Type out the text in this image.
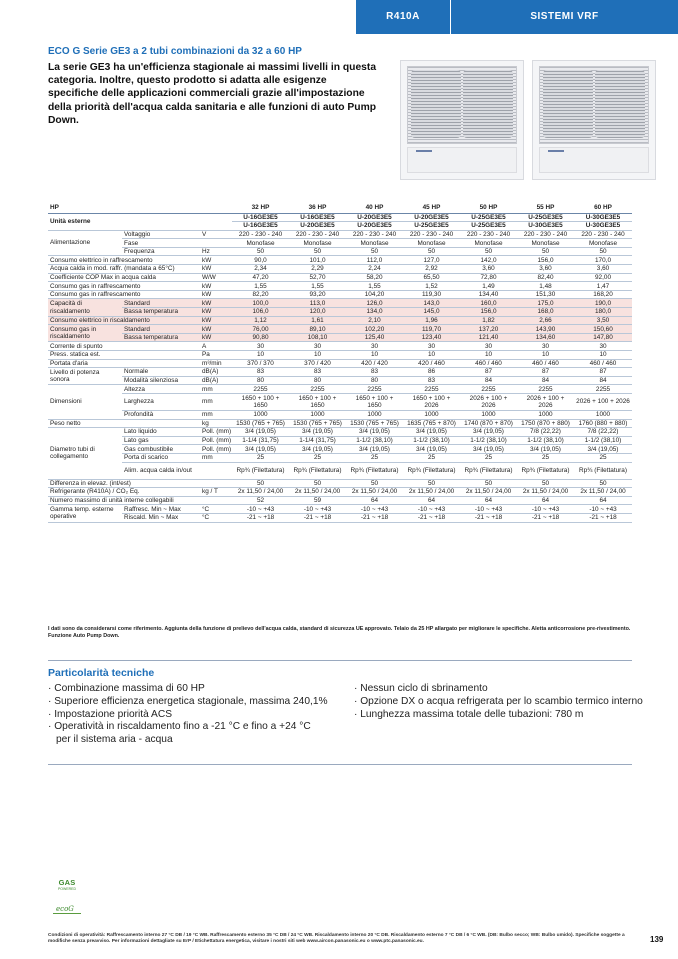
R410A	SISTEMI VRF
ECO G Serie GE3 a 2 tubi combinazioni da 32 a 60 HP
La serie GE3 ha un'efficienza stagionale ai massimi livelli in questa categoria. Inoltre, questo prodotto si adatta alle esigenze specifiche delle applicazioni commerciali grazie all'impostazione della priorità dell'acqua calda sanitaria e alle funzioni di auto Pump Down.
HP			32 HP	36 HP	40 HP	45 HP	50 HP	55 HP	60 HP
Unità esterne			U-16GE3E5	U-16GE3E5	U-20GE3E5	U-20GE3E5	U-25GE3E5	U-25GE3E5	U-30GE3E5
			U-16GE3E5	U-20GE3E5	U-20GE3E5	U-25GE3E5	U-25GE3E5	U-30GE3E5	U-30GE3E5
Alimentazione	Voltaggio	V	220 - 230 - 240	220 - 230 - 240	220 - 230 - 240	220 - 230 - 240	220 - 230 - 240	220 - 230 - 240	220 - 230 - 240
	Fase		Monofase	Monofase	Monofase	Monofase	Monofase	Monofase	Monofase
	Frequenza	Hz	50	50	50	50	50	50	50
Consumo elettrico in raffrescamento		kW	90,0	101,0	112,0	127,0	142,0	156,0	170,0
Acqua calda in mod. raffr. (mandata a 65°C)		kW	2,34	2,29	2,24	2,92	3,60	3,60	3,60
Coefficiente COP Max in acqua calda		W/W	47,20	52,70	58,20	65,50	72,80	82,40	92,00
Consumo gas in raffrescamento		kW	1,55	1,55	1,55	1,52	1,49	1,48	1,47
Consumo gas in raffrescamento		kW	82,20	93,20	104,20	119,30	134,40	151,30	168,20
Capacità di riscaldamento	Standard	kW	100,0	113,0	126,0	143,0	160,0	175,0	190,0
	Bassa temperatura	kW	106,0	120,0	134,0	145,0	156,0	168,0	180,0
Consumo elettrico in riscaldamento		kW	1,12	1,61	2,10	1,96	1,82	2,66	3,50
Consumo gas in riscaldamento	Standard	kW	76,00	89,10	102,20	119,70	137,20	143,90	150,60
	Bassa temperatura	kW	90,80	108,10	125,40	123,40	121,40	134,60	147,80
Corrente di spunto		A	30	30	30	30	30	30	30
Press. statica est.		Pa	10	10	10	10	10	10	10
Portata d'aria		m³/min	370 / 370	370 / 420	420 / 420	420 / 460	460 / 460	460 / 460	460 / 460
Livello di potenza sonora	Normale	dB(A)	83	83	83	86	87	87	87
	Modalità silenziosa	dB(A)	80	80	80	83	84	84	84
Dimensioni	Altezza	mm	2255	2255	2255	2255	2255	2255	2255
	Larghezza	mm	1650 + 100 + 1650	1650 + 100 + 1650	1650 + 100 + 1650	1650 + 100 + 2026	2026 + 100 + 2026	2026 + 100 + 2026	2026 + 100 + 2026
	Profondità	mm	1000	1000	1000	1000	1000	1000	1000
Peso netto		kg	1530 (765 + 765)	1530 (765 + 765)	1530 (765 + 765)	1635 (765 + 870)	1740 (870 + 870)	1750 (870 + 880)	1760 (880 + 880)
Diametro tubi di collegamento	Lato liquido	Poll. (mm)	3/4 (19,05)	3/4 (19,05)	3/4 (19,05)	3/4 (19,05)	3/4 (19,05)	7/8 (22,22)	7/8 (22,22)
	Lato gas	Poll. (mm)	1-1/4 (31,75)	1-1/4 (31,75)	1-1/2 (38,10)	1-1/2 (38,10)	1-1/2 (38,10)	1-1/2 (38,10)	1-1/2 (38,10)
	Gas combustibile	Poll. (mm)	3/4 (19,05)	3/4 (19,05)	3/4 (19,05)	3/4 (19,05)	3/4 (19,05)	3/4 (19,05)	3/4 (19,05)
	Porta di scarico	mm	25	25	25	25	25	25	25
	Alim. acqua calda in/out		Rp¾ (Filettatura)	Rp¾ (Filettatura)	Rp¾ (Filettatura)	Rp¾ (Filettatura)	Rp¾ (Filettatura)	Rp¾ (Filettatura)	Rp¾ (Filettatura)
Differenza in elevaz. (int/est)			50	50	50	50	50	50	50
Refrigerante (R410A) / CO₂ Eq.		kg / T	2x 11,50 / 24,00	2x 11,50 / 24,00	2x 11,50 / 24,00	2x 11,50 / 24,00	2x 11,50 / 24,00	2x 11,50 / 24,00	2x 11,50 / 24,00
Numero massimo di unità interne collegabili			52	59	64	64	64	64	64
Gamma temp. esterne operative	Raffresc. Min ~ Max	°C	-10 ~ +43	-10 ~ +43	-10 ~ +43	-10 ~ +43	-10 ~ +43	-10 ~ +43	-10 ~ +43
	Riscald. Min ~ Max	°C	-21 ~ +18	-21 ~ +18	-21 ~ +18	-21 ~ +18	-21 ~ +18	-21 ~ +18	-21 ~ +18
I dati sono da considerarsi come riferimento. Aggiunta della funzione di prelievo dell'acqua calda, standard di sicurezza UE approvato. Telaio da 25 HP allargato per migliorare le specifiche. Aletta anticorrosione pre-rivestimento. Funzione Auto Pump Down.
Particolarità tecniche
· Combinazione massima di 60 HP
· Superiore efficienza energetica stagionale, massima 240,1%
· Impostazione priorità ACS
· Operatività in riscaldamento fino a -21 °C e fino a +24 °C per il sistema aria - acqua
· Nessun ciclo di sbrinamento
· Opzione DX o acqua refrigerata per lo scambio termico interno
· Lunghezza massima totale delle tubazioni: 780 m
GAS
POWERED
ecoG
Condizioni di operatività: Raffrescamento interno 27 °C DB / 19 °C WB. Raffrescamento esterno 35 °C DB / 24 °C WB. Riscaldamento interno 20 °C DB. Riscaldamento esterno 7 °C DB / 6 °C WB. (DB: Bulbo secco; WB: Bulbo umido). Specifiche soggette a modifiche senza preavviso. Per informazioni dettagliate su ErP / Etichettatura energetica, visitare i nostri siti web www.aircon.panasonic.eu o www.ptc.panasonic.eu.	139
